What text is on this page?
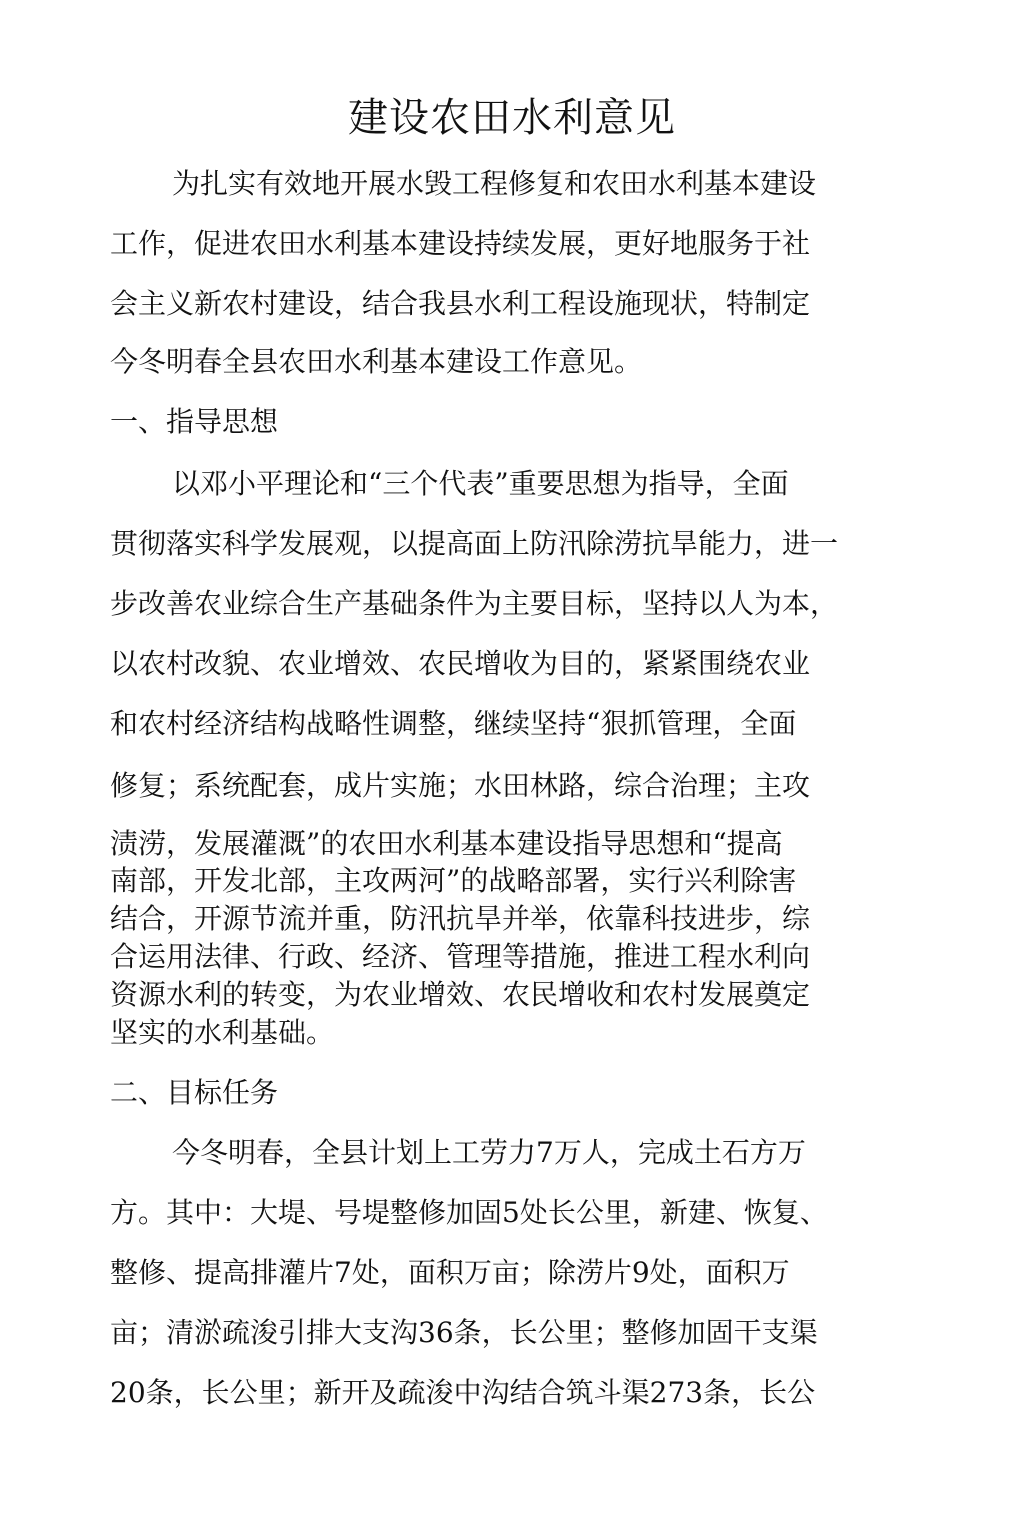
建设农田水利意见
为扎实有效地开展水毁工程修复和农田水利基本建设
工作，促进农田水利基本建设持续发展，更好地服务于社
会主义新农村建设，结合我县水利工程设施现状，特制定
今冬明春全县农田水利基本建设工作意见。
一、指导思想
以邓小平理论和“三个代表”重要思想为指导，全面
贯彻落实科学发展观，以提高面上防汛除涝抗旱能力，进一
步改善农业综合生产基础条件为主要目标，坚持以人为本，
以农村改貌、农业增效、农民增收为目的，紧紧围绕农业
和农村经济结构战略性调整，继续坚持“狠抓管理，全面
修复；系统配套，成片实施；水田林路，综合治理；主攻
渍涝，发展灌溉”的农田水利基本建设指导思想和“提高
南部，开发北部，主攻两河”的战略部署，实行兴利除害
结合，开源节流并重，防汛抗旱并举，依靠科技进步，综
合运用法律、行政、经济、管理等措施，推进工程水利向
资源水利的转变，为农业增效、农民增收和农村发展奠定
坚实的水利基础。
二、目标任务
今冬明春，全县计划上工劳力7万人，完成土石方万
方。其中：大堤、号堤整修加固5处长公里，新建、恢复、
整修、提高排灌片7处，面积万亩；除涝片9处，面积万
亩；清淤疏浚引排大支沟36条，长公里；整修加固干支渠
20条，长公里；新开及疏浚中沟结合筑斗渠273条，长公
